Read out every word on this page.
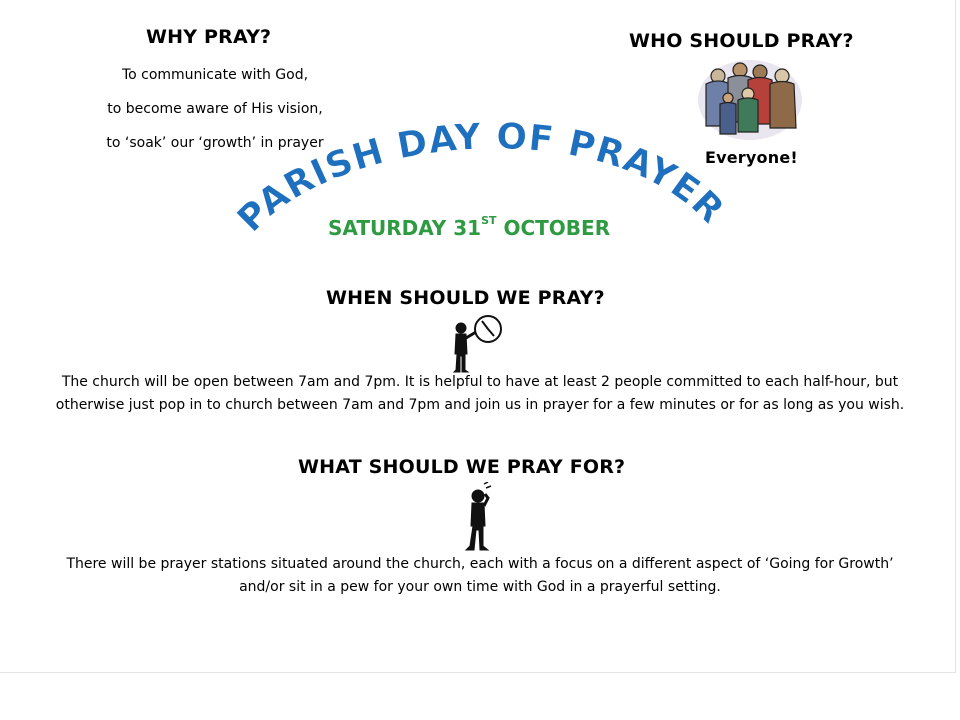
WHY PRAY?
To communicate with God,
to become aware of His vision,
to ‘soak’ our ‘growth’ in prayer
WHO SHOULD PRAY?
Everyone!
PARISH DAY OF PRAYER
SATURDAY 31ST OCTOBER
WHEN SHOULD WE PRAY?
The church will be open between 7am and 7pm. It is helpful to have at least 2 people committed to each half-hour, but
otherwise just pop in to church between 7am and 7pm and join us in prayer for a few minutes or for as long as you wish.
WHAT SHOULD WE PRAY FOR?
There will be prayer stations situated around the church, each with a focus on a different aspect of ‘Going for Growth’
and/or sit in a pew for your own time with God in a prayerful setting.
